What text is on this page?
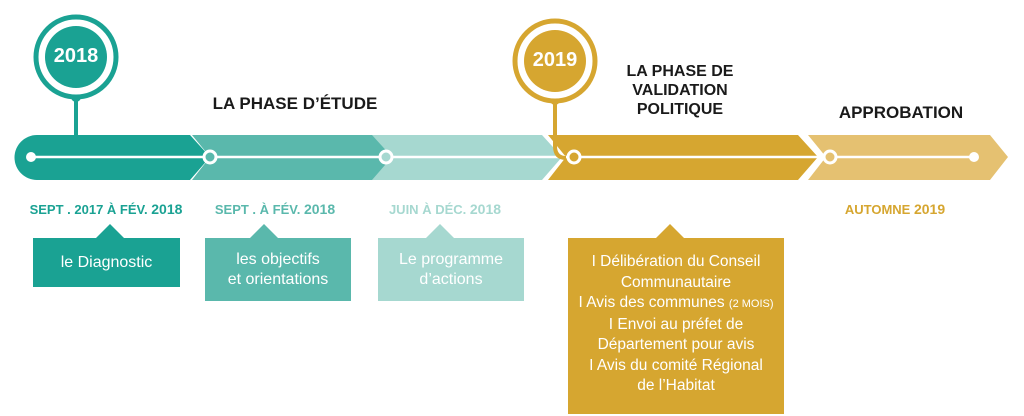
2018	2019
LA PHASE D’ÉTUDE
LA PHASE DE
VALIDATION
POLITIQUE	APPROBATION
SEPT . 2017 À FÉV. 2018	SEPT . À FÉV. 2018	JUIN À DÉC. 2018	AUTOMNE 2019
le Diagnostic	les objectifs
et orientations
Le programme
d’actions
I Délibération du Conseil
Communautaire
I Avis des communes (2 MOIS)
I Envoi au préfet de
Département pour avis
I Avis du comité Régional
de l’Habitat
